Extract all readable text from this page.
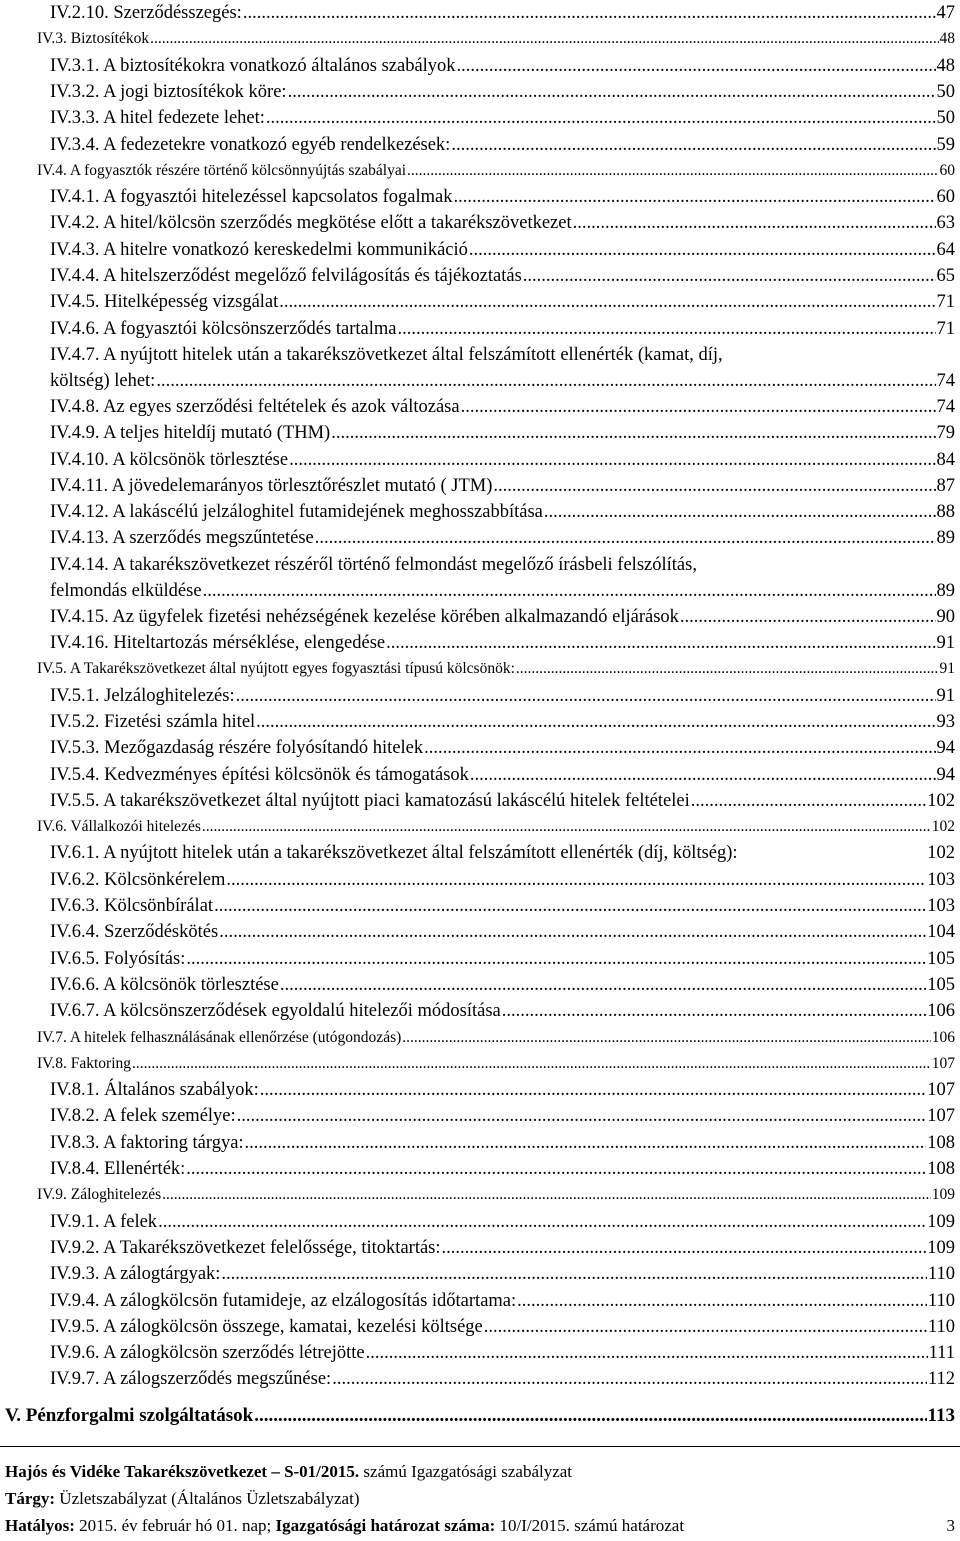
IV.2.10. Szerződésszegés: .....	47
IV.3. Biztosítékok .....	48
IV.3.1. A biztosítékokra vonatkozó általános szabályok .....	48
IV.3.2. A jogi biztosítékok köre: .....	50
IV.3.3. A hitel fedezete lehet: .....	50
IV.3.4. A fedezetekre vonatkozó egyéb rendelkezések: .....	59
IV.4. A fogyasztók részére történő kölcsönnyújtás szabályai .....	60
IV.4.1. A fogyasztói hitelezéssel kapcsolatos fogalmak .....	60
IV.4.2. A hitel/kölcsön szerződés megkötése előtt a takarékszövetkezet .....	63
IV.4.3. A hitelre vonatkozó kereskedelmi kommunikáció .....	64
IV.4.4. A hitelszerződést megelőző felvilágosítás és tájékoztatás .....	65
IV.4.5. Hitelképesség vizsgálat .....	71
IV.4.6. A fogyasztói kölcsönszerződés tartalma .....	71
IV.4.7. A nyújtott hitelek után a takarékszövetkezet által felszámított ellenérték (kamat, díj,
költség) lehet: .....	74
IV.4.8. Az egyes szerződési feltételek és azok változása .....	74
IV.4.9. A teljes hiteldíj mutató (THM) .....	79
IV.4.10. A kölcsönök törlesztése .....	84
IV.4.11. A jövedelemarányos törlesztőrészlet mutató ( JTM) .....	87
IV.4.12. A lakáscélú jelzáloghitel futamidejének meghosszabbítása .....	88
IV.4.13. A szerződés megszűntetése .....	89
IV.4.14. A takarékszövetkezet részéről történő felmondást megelőző írásbeli felszólítás,
felmondás elküldése .....	89
IV.4.15. Az ügyfelek fizetési nehézségének kezelése körében alkalmazandó eljárások .....	90
IV.4.16. Hiteltartozás mérséklése, elengedése .....	91
IV.5. A Takarékszövetkezet által nyújtott egyes fogyasztási típusú kölcsönök: .....	91
IV.5.1. Jelzáloghitelezés: .....	91
IV.5.2. Fizetési számla hitel .....	93
IV.5.3. Mezőgazdaság részére folyósítandó hitelek .....	94
IV.5.4. Kedvezményes építési kölcsönök és támogatások .....	94
IV.5.5. A takarékszövetkezet által nyújtott piaci kamatozású lakáscélú hitelek feltételei .....	102
IV.6. Vállalkozói hitelezés .....	102
IV.6.1. A nyújtott hitelek után a takarékszövetkezet által felszámított ellenérték (díj, költség):	102
IV.6.2. Kölcsönkérelem .....	103
IV.6.3. Kölcsönbírálat .....	103
IV.6.4. Szerződéskötés .....	104
IV.6.5. Folyósítás: .....	105
IV.6.6. A kölcsönök törlesztése .....	105
IV.6.7. A kölcsönszerződések egyoldalú hitelezői módosítása .....	106
IV.7. A hitelek felhasználásának ellenőrzése (utógondozás) .....	106
IV.8. Faktoring .....	107
IV.8.1. Általános szabályok: .....	107
IV.8.2. A felek személye: .....	107
IV.8.3. A faktoring tárgya: .....	108
IV.8.4. Ellenérték: .....	108
IV.9. Záloghitelezés .....	109
IV.9.1. A felek .....	109
IV.9.2. A Takarékszövetkezet felelőssége, titoktartás: .....	109
IV.9.3. A zálogtárgyak: .....	110
IV.9.4. A zálogkölcsön futamideje, az elzálogosítás időtartama: .....	110
IV.9.5. A zálogkölcsön összege, kamatai, kezelési költsége .....	110
IV.9.6. A zálogkölcsön szerződés létrejötte .....	111
IV.9.7. A zálogszerződés megszűnése: .....	112
V. Pénzforgalmi szolgáltatások .....	113
Hajós és Vidéke Takarékszövetkezet – S-01/2015. számú Igazgatósági szabályzat
Tárgy: Üzletszabályzat (Általános Üzletszabályzat)
Hatályos: 2015. év február hó 01. nap; Igazgatósági határozat száma: 10/I/2015. számú határozat	3
